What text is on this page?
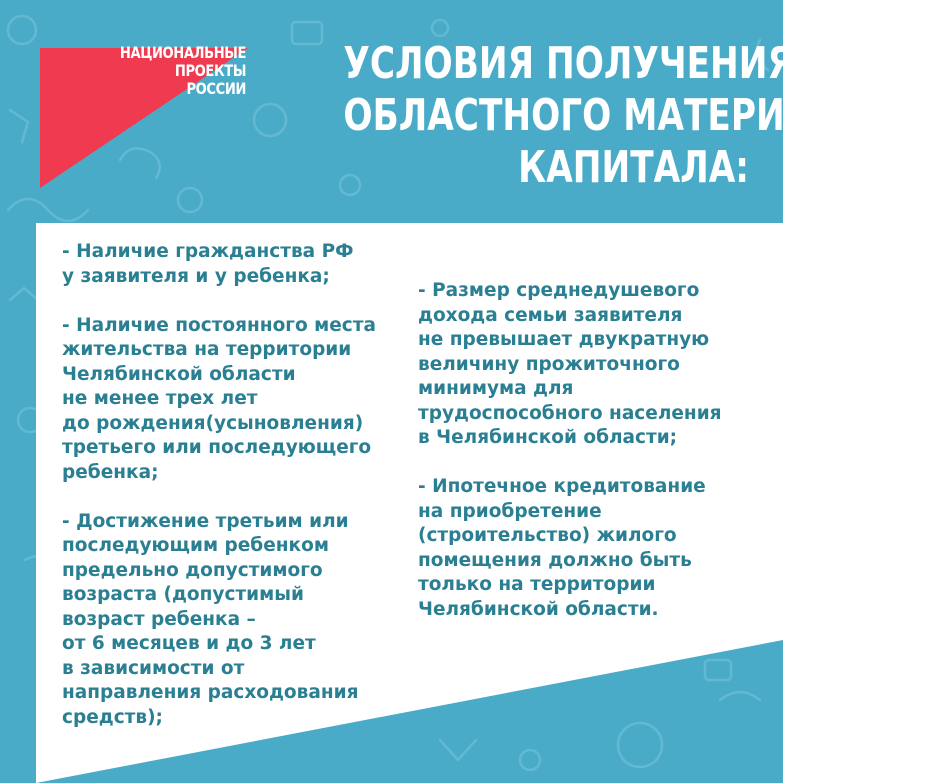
НАЦИОНАЛЬНЫЕ
ПРОЕКТЫ
РОССИИ УСЛОВИЯ ПОЛУЧЕНИЯ
ОБЛАСТНОГО МАТЕРИНСКОГО
КАПИТАЛА:
- Наличие гражданства РФ
у заявителя и у ребенка;
- Наличие постоянного места
жительства на территории
Челябинской области
не менее трех лет
до рождения(усыновления)
третьего или последующего
ребенка;
- Достижение третьим или
последующим ребенком
предельно допустимого
возраста (допустимый
возраст ребенка –
от 6 месяцев и до 3 лет
в зависимости от
направления расходования
средств);
- Размер среднедушевого
дохода семьи заявителя
не превышает двукратную
величину прожиточного
минимума для
трудоспособного населения
в Челябинской области;
- Ипотечное кредитование
на приобретение
(строительство) жилого
помещения должно быть
только на территории
Челябинской области.
